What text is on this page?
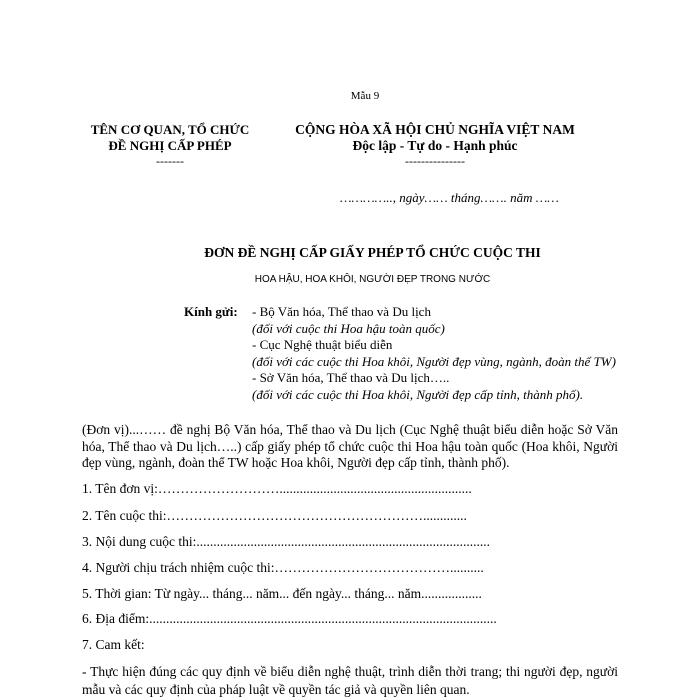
Mẫu 9
TÊN CƠ QUAN, TỔ CHỨC
ĐỀ NGHỊ CẤP PHÉP
-------
CỘNG HÒA XÃ HỘI CHỦ NGHĨA VIỆT NAM
Độc lập - Tự do - Hạnh phúc
---------------
………….., ngày…… tháng……. năm ……
ĐƠN ĐỀ NGHỊ CẤP GIẤY PHÉP TỔ CHỨC CUỘC THI
HOA HẬU, HOA KHÔI, NGƯỜI ĐẸP TRONG NƯỚC
Kính gửi: - Bộ Văn hóa, Thể thao và Du lịch
(đối với cuộc thi Hoa hậu toàn quốc)
- Cục Nghệ thuật biểu diễn
(đối với các cuộc thi Hoa khôi, Người đẹp vùng, ngành, đoàn thể TW)
- Sở Văn hóa, Thể thao và Du lịch…..
(đối với các cuộc thi Hoa khôi, Người đẹp cấp tỉnh, thành phố).
(Đơn vị)...…… đề nghị Bộ Văn hóa, Thể thao và Du lịch (Cục Nghệ thuật biểu diễn hoặc Sở Văn hóa, Thể thao và Du lịch…..) cấp giấy phép tổ chức cuộc thi Hoa hậu toàn quốc (Hoa khôi, Người đẹp vùng, ngành, đoàn thể TW hoặc Hoa khôi, Người đẹp cấp tỉnh, thành phố).
1. Tên đơn vị:……………………….........................................................
2. Tên cuộc thi:………………………………………………….............
3. Nội dung cuộc thi:.......................................................................................
4. Người chịu trách nhiệm cuộc thi:…………………………………..........
5. Thời gian: Từ ngày... tháng... năm... đến ngày... tháng... năm..................
6. Địa điểm:.......................................................................................................
7. Cam kết:
- Thực hiện đúng các quy định về biểu diễn nghệ thuật, trình diễn thời trang; thi người đẹp, người mẫu và các quy định của pháp luật về quyền tác giả và quyền liên quan.
